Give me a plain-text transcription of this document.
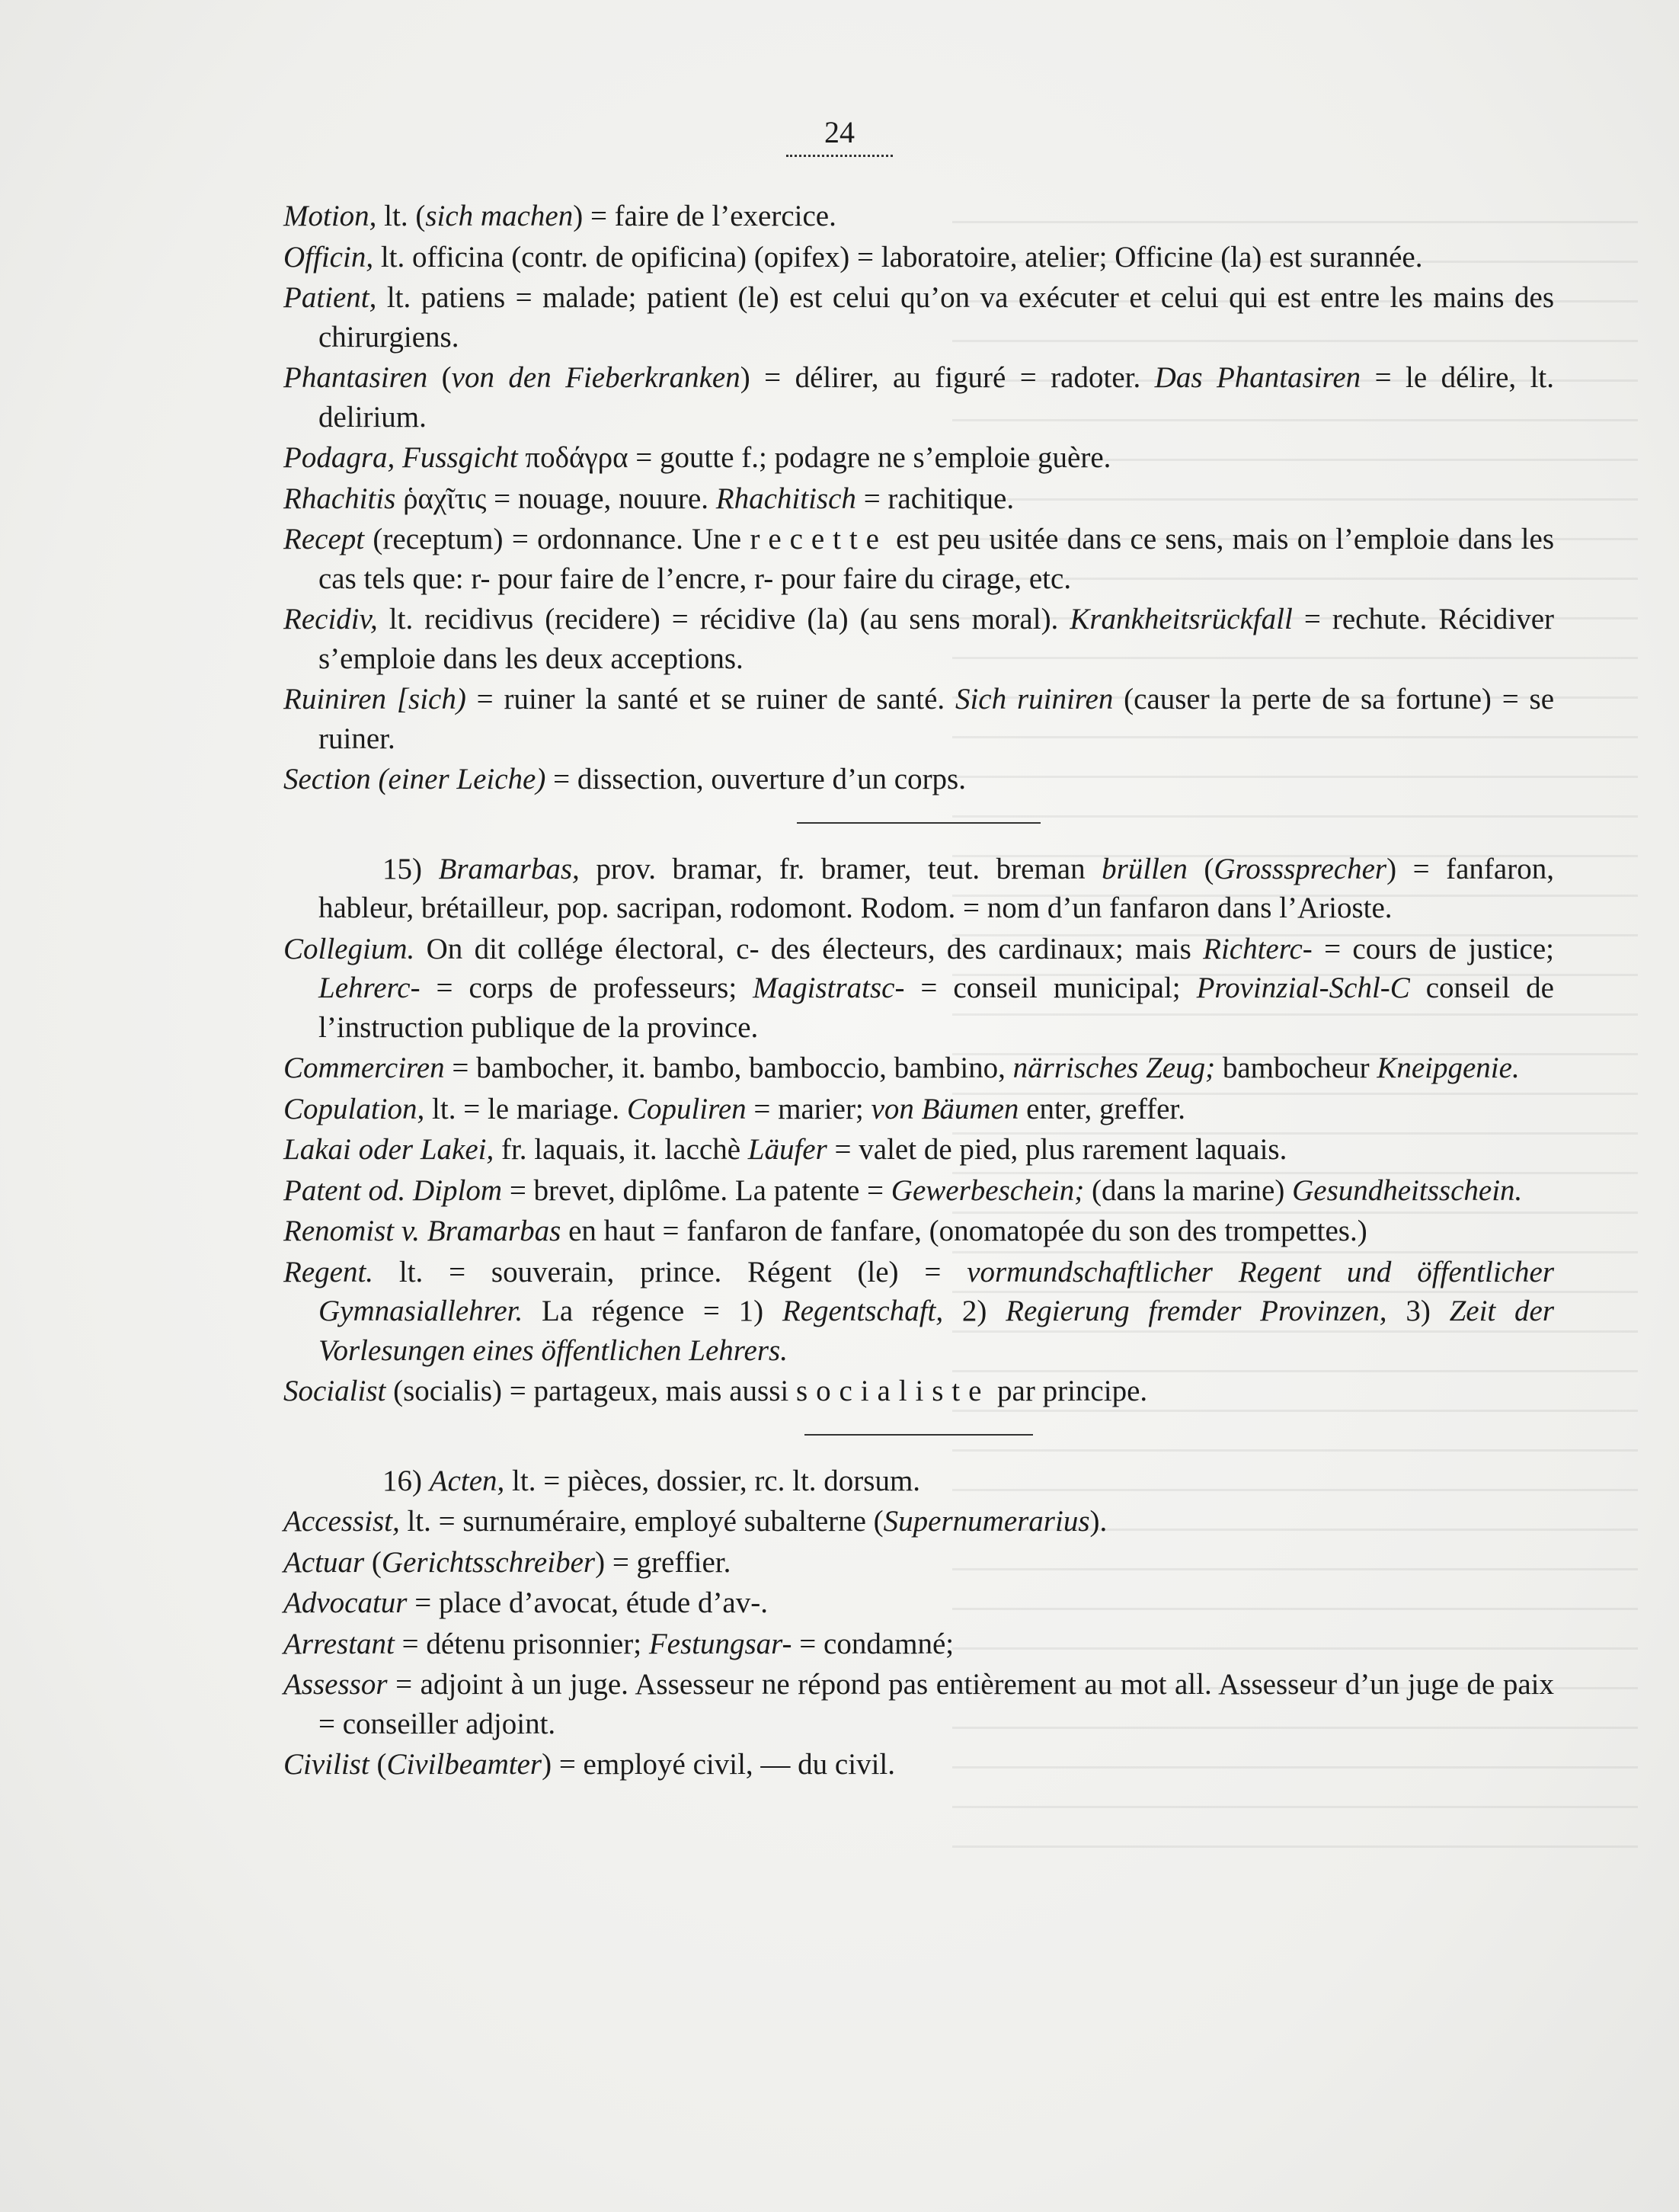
24

Motion, lt. (sich machen) = faire de l’exercice.

Officin, lt. officina (contr. de opificina) (opifex) = laboratoire, atelier; Officine (la) est surannée.

Patient, lt. patiens = malade; patient (le) est celui qu’on va exécuter et celui qui est entre les mains des chirurgiens.

Phantasiren (von den Fieberkranken) = délirer, au figuré = radoter. Das Phantasiren = le délire, lt. delirium.

Podagra, Fussgicht ποδάγρα = goutte f.; podagre ne s’emploie guère.

Rhachitis ῥαχῖτις = nouage, nouure. Rhachitisch = rachitique.

Recept (receptum) = ordonnance. Une recette est peu usitée dans ce sens, mais on l’emploie dans les cas tels que: r- pour faire de l’encre, r- pour faire du cirage, etc.

Recidiv, lt. recidivus (recidere) = récidive (la) (au sens moral). Krankheitsrückfall = rechute. Récidiver s’emploie dans les deux acceptions.

Ruiniren [sich) = ruiner la santé et se ruiner de santé. Sich ruiniren (causer la perte de sa fortune) = se ruiner.

Section (einer Leiche) = dissection, ouverture d’un corps.

15) Bramarbas, prov. bramar, fr. bramer, teut. breman brüllen (Grosssprecher) = fanfaron, hableur, brétailleur, pop. sacripan, rodomont. Rodom. = nom d’un fanfaron dans l’Arioste.

Collegium. On dit collége électoral, c- des électeurs, des cardinaux; mais Richterc- = cours de justice; Lehrerc- = corps de professeurs; Magistratsc- = conseil municipal; Provinzial-Schl-C conseil de l’instruction publique de la province.

Commerciren = bambocher, it. bambo, bamboccio, bambino, närrisches Zeug; bambocheur Kneipgenie.

Copulation, lt. = le mariage. Copuliren = marier; von Bäumen enter, greffer.

Lakai oder Lakei, fr. laquais, it. lacchè Läufer = valet de pied, plus rarement laquais.

Patent od. Diplom = brevet, diplôme. La patente = Gewerbeschein; (dans la marine) Gesundheitsschein.

Renomist v. Bramarbas en haut = fanfaron de fanfare, (onomatopée du son des trompettes.)

Regent. lt. = souverain, prince. Régent (le) = vormundschaftlicher Regent und öffentlicher Gymnasiallehrer. La régence = 1) Regentschaft, 2) Regierung fremder Provinzen, 3) Zeit der Vorlesungen eines öffentlichen Lehrers.

Socialist (socialis) = partageux, mais aussi socialiste par principe.

16) Acten, lt. = pièces, dossier, rc. lt. dorsum.

Accessist, lt. = surnuméraire, employé subalterne (Supernumerarius).

Actuar (Gerichtsschreiber) = greffier.

Advocatur = place d’avocat, étude d’av-.

Arrestant = détenu prisonnier; Festungsar- = condamné;

Assessor = adjoint à un juge. Assesseur ne répond pas entièrement au mot all. Assesseur d’un juge de paix = conseiller adjoint.

Civilist (Civilbeamter) = employé civil, — du civil.
